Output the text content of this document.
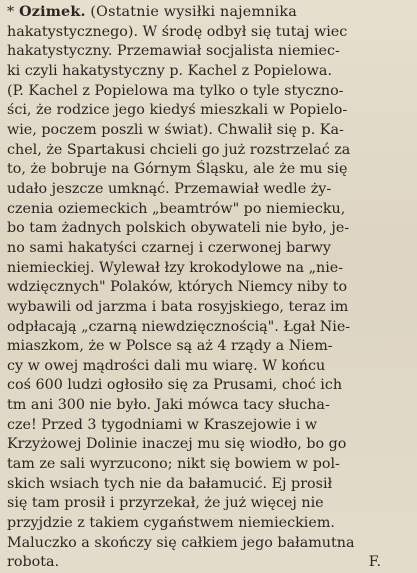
* Ozimek. (Ostatnie wysiłki najemnika
hakatystycznego). W środę odbył się tutaj wiec
hakatystyczny. Przemawiał socjalista niemiec-
ki czyli hakatystyczny p. Kachel z Popielowa.
(P. Kachel z Popielowa ma tylko o tyle styczno-
ści, że rodzice jego kiedyś mieszkali w Popielo-
wie, poczem poszli w świat). Chwalił się p. Ka-
chel, że Spartakusi chcieli go już rozstrzelać za
to, że bobruje na Górnym Śląsku, ale że mu się
udało jeszcze umknąć. Przemawiał wedle ży-
czenia oziemeckich „beamtrów" po niemiecku,
bo tam żadnych polskich obywateli nie było, je-
no sami hakatyści czarnej i czerwonej barwy
niemieckiej. Wylewał łzy krokodylowe na „nie-
wdzięcznych" Polaków, których Niemcy niby to
wybawili od jarzma i bata rosyjskiego, teraz im
odpłacają „czarną niewdzięcznością". Łgał Nie-
miaszkom, że w Polsce są aż 4 rządy a Niem-
cy w owej mądrości dali mu wiarę. W końcu
coś 600 ludzi ogłosiło się za Prusami, choć ich
tm ani 300 nie było. Jaki mówca tacy słucha-
cze! Przed 3 tygodniami w Kraszejowie i w
Krzyżowej Dolinie inaczej mu się wiodło, bo go
tam ze sali wyrzucono; nikt się bowiem w pol-
skich wsiach tych nie da bałamucić. Ej prosił
się tam prosił i przyrzekał, że już więcej nie
przyjdzie z takiem cygaństwem niemieckiem.
Maluczko a skończy się całkiem jego bałamutna
robota.	F.
